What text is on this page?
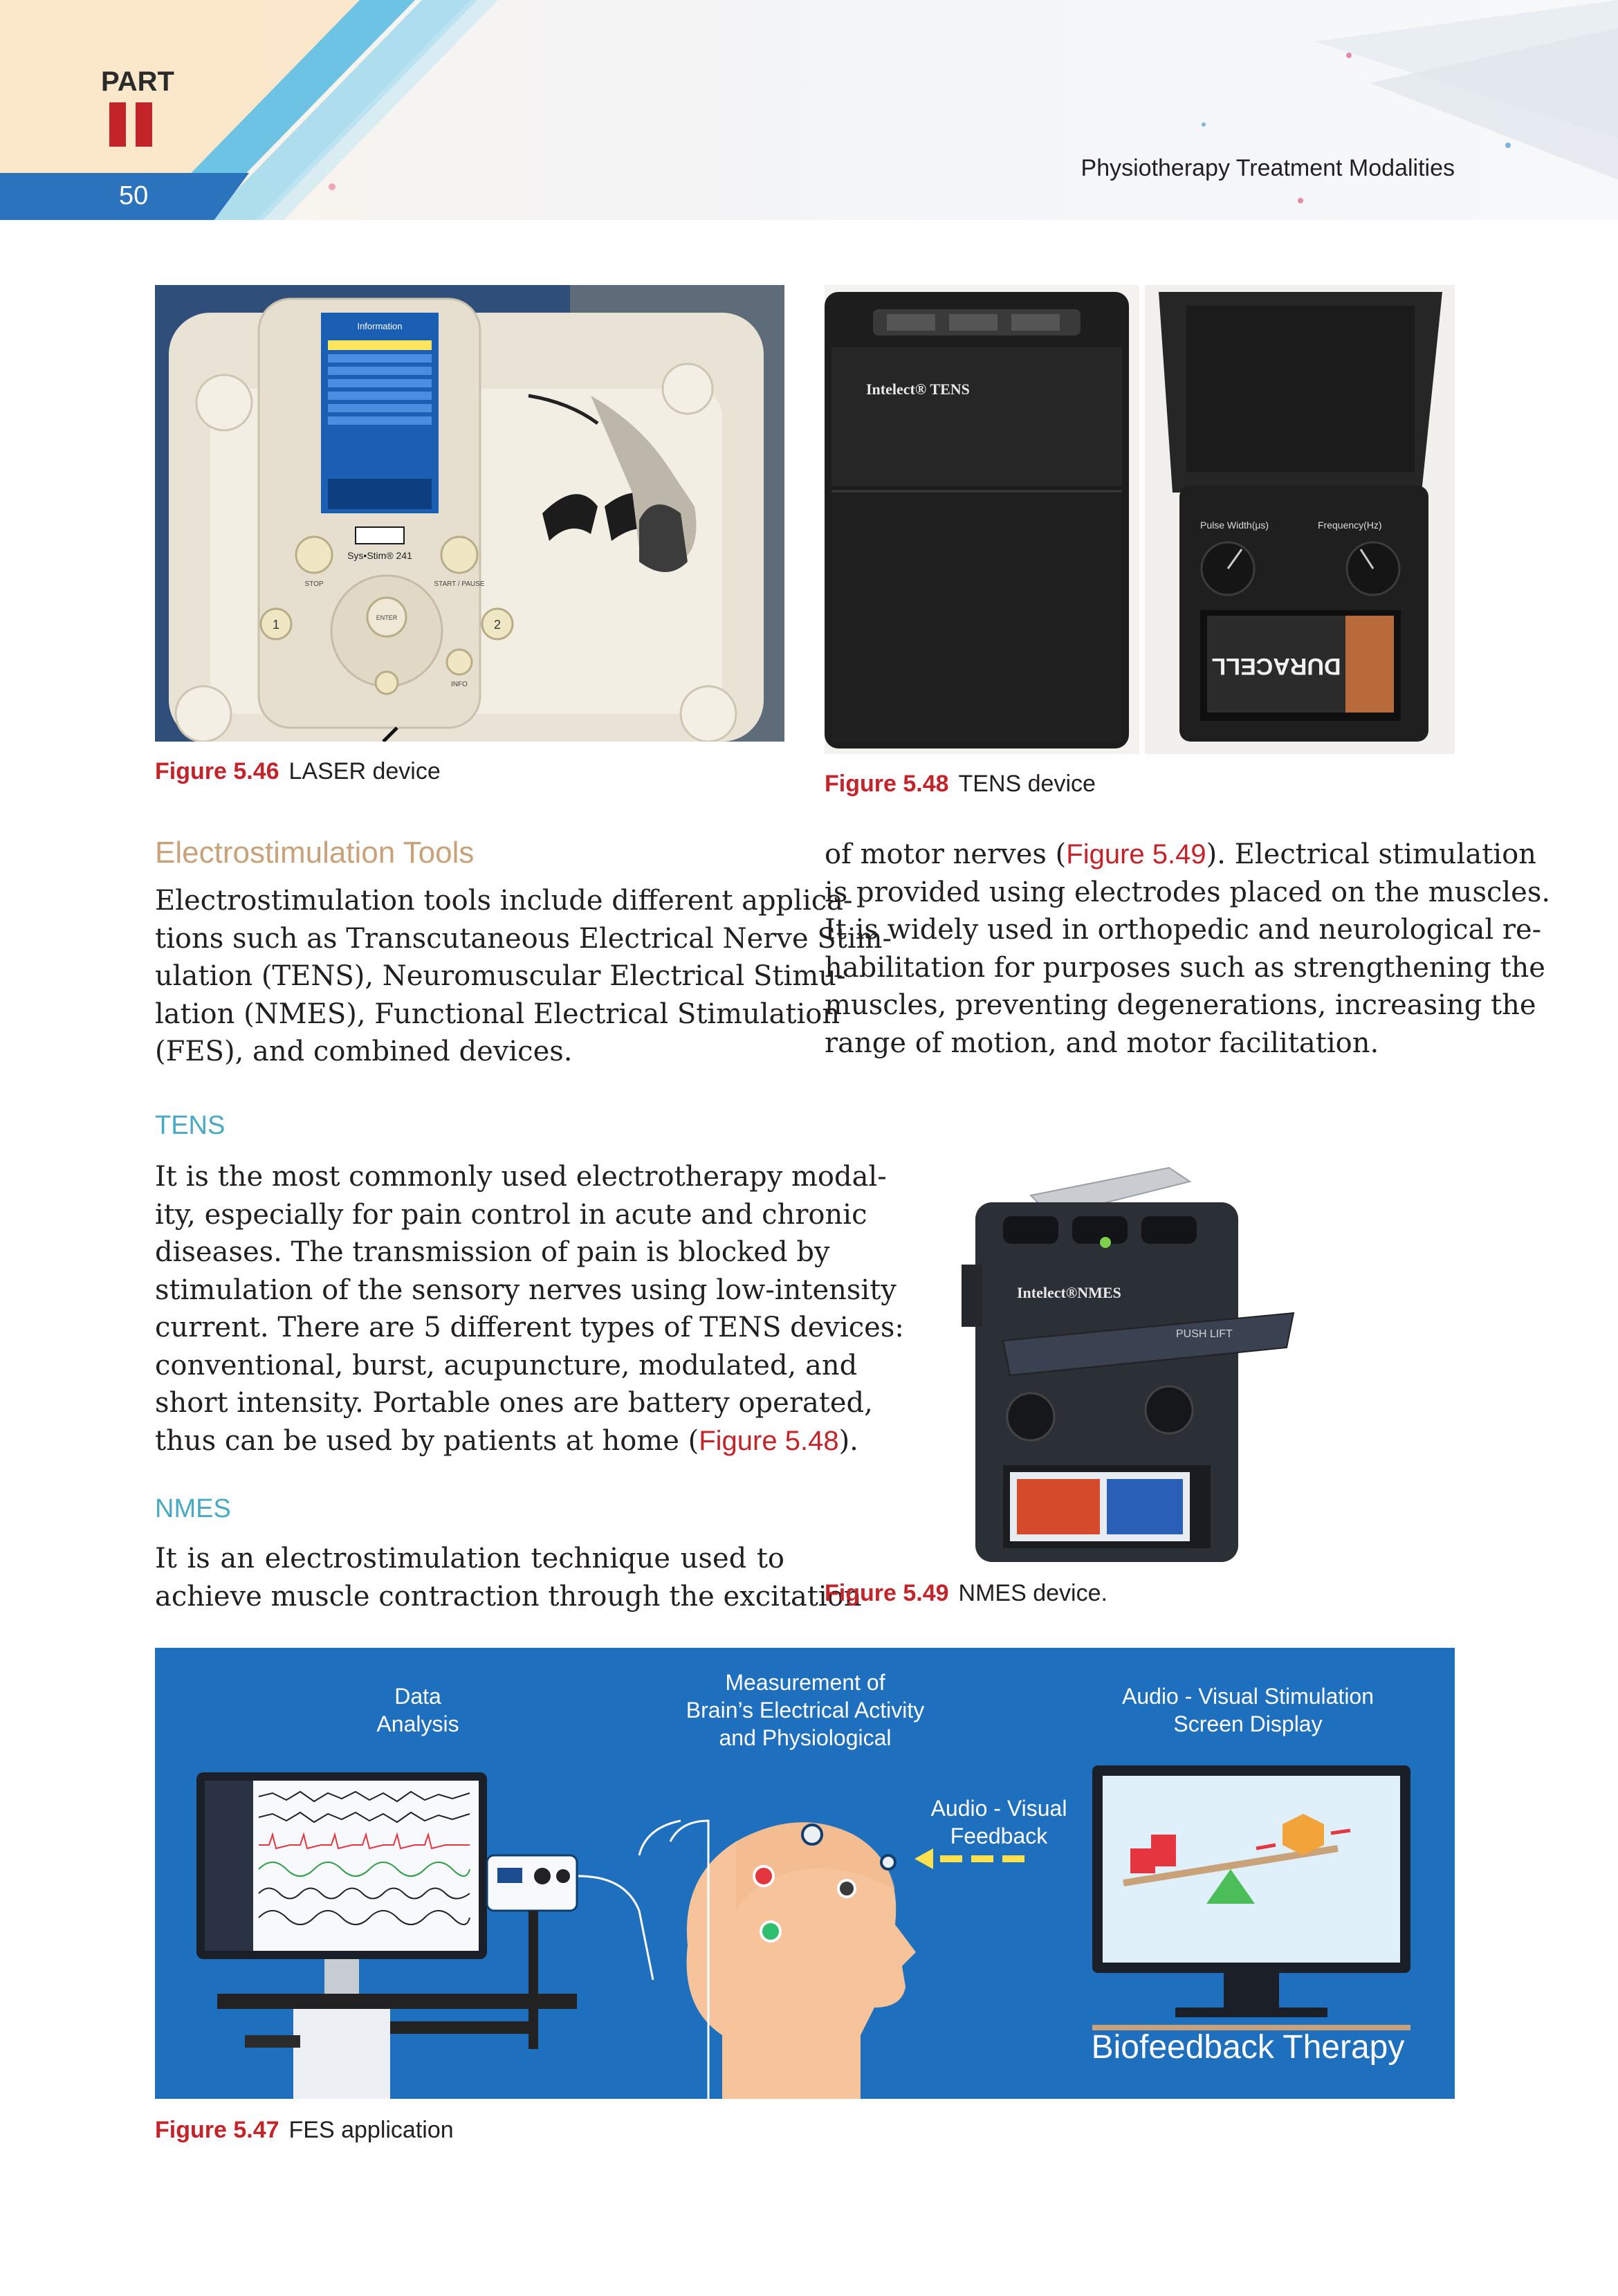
PART
50
Physiotherapy Treatment Modalities
Information
Sys•Stim® 241
STOP	START / PAUSE
ENTER
1	2
INFO
Figure 5.46 LASER device
Intelect® TENS
Pulse Width(μs)	Frequency(Hz)
DURACELL
Figure 5.48 TENS device
Electrostimulation Tools
Electrostimulation tools include different applica-
tions such as Transcutaneous Electrical Nerve Stim-
ulation (TENS), Neuromuscular Electrical Stimu-
lation (NMES), Functional Electrical Stimulation
(FES), and combined devices.
TENS
It is the most commonly used electrotherapy modal-
ity, especially for pain control in acute and chronic
diseases. The transmission of pain is blocked by
stimulation of the sensory nerves using low-intensity
current. There are 5 different types of TENS devices:
conventional, burst, acupuncture, modulated, and
short intensity. Portable ones are battery operated,
thus can be used by patients at home (Figure 5.48).
NMES
It is an electrostimulation technique used to
achieve muscle contraction through the excitation
of motor nerves (Figure 5.49). Electrical stimulation
is provided using electrodes placed on the muscles.
It is widely used in orthopedic and neurological re-
habilitation for purposes such as strengthening the
muscles, preventing degenerations, increasing the
range of motion, and motor facilitation.
Intelect®NMES
PUSH LIFT
Figure 5.49 NMES device.
Data
Analysis
Measurement of
Brain’s Electrical Activity
and Physiological
Audio - Visual
Feedback
Audio - Visual Stimulation
Screen Display
Biofeedback Therapy
Figure 5.47 FES application
